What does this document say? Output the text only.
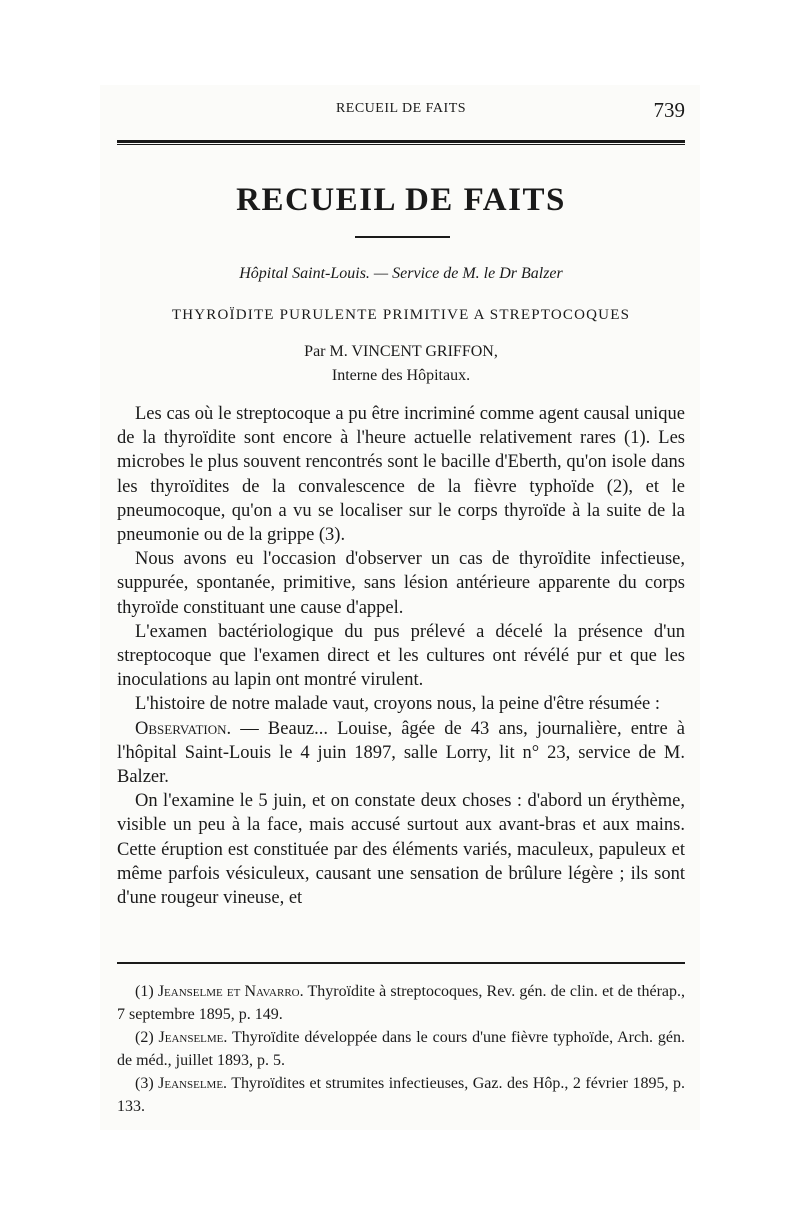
RECUEIL DE FAITS	739
RECUEIL DE FAITS
Hôpital Saint-Louis. — Service de M. le Dr Balzer
THYROÏDITE PURULENTE PRIMITIVE A STREPTOCOQUES
Par M. VINCENT GRIFFON,
Interne des Hôpitaux.

Les cas où le streptocoque a pu être incriminé comme agent causal unique de la thyroïdite sont encore à l'heure actuelle relativement rares (1). Les microbes le plus souvent rencontrés sont le bacille d'Eberth, qu'on isole dans les thyroïdites de la convalescence de la fièvre typhoïde (2), et le pneumocoque, qu'on a vu se localiser sur le corps thyroïde à la suite de la pneumonie ou de la grippe (3).

Nous avons eu l'occasion d'observer un cas de thyroïdite infectieuse, suppurée, spontanée, primitive, sans lésion antérieure apparente du corps thyroïde constituant une cause d'appel.

L'examen bactériologique du pus prélevé a décelé la présence d'un streptocoque que l'examen direct et les cultures ont révélé pur et que les inoculations au lapin ont montré virulent.

L'histoire de notre malade vaut, croyons nous, la peine d'être résumée :

Observation. — Beauz... Louise, âgée de 43 ans, journalière, entre à l'hôpital Saint-Louis le 4 juin 1897, salle Lorry, lit n° 23, service de M. Balzer.

On l'examine le 5 juin, et on constate deux choses : d'abord un érythème, visible un peu à la face, mais accusé surtout aux avant-bras et aux mains. Cette éruption est constituée par des éléments variés, maculeux, papuleux et même parfois vésiculeux, causant une sensation de brûlure légère ; ils sont d'une rougeur vineuse, et

(1) Jeanselme et Navarro. Thyroïdite à streptocoques, Rev. gén. de clin. et de thérap., 7 septembre 1895, p. 149.

(2) Jeanselme. Thyroïdite développée dans le cours d'une fièvre typhoïde, Arch. gén. de méd., juillet 1893, p. 5.

(3) Jeanselme. Thyroïdites et strumites infectieuses, Gaz. des Hôp., 2 février 1895, p. 133.
